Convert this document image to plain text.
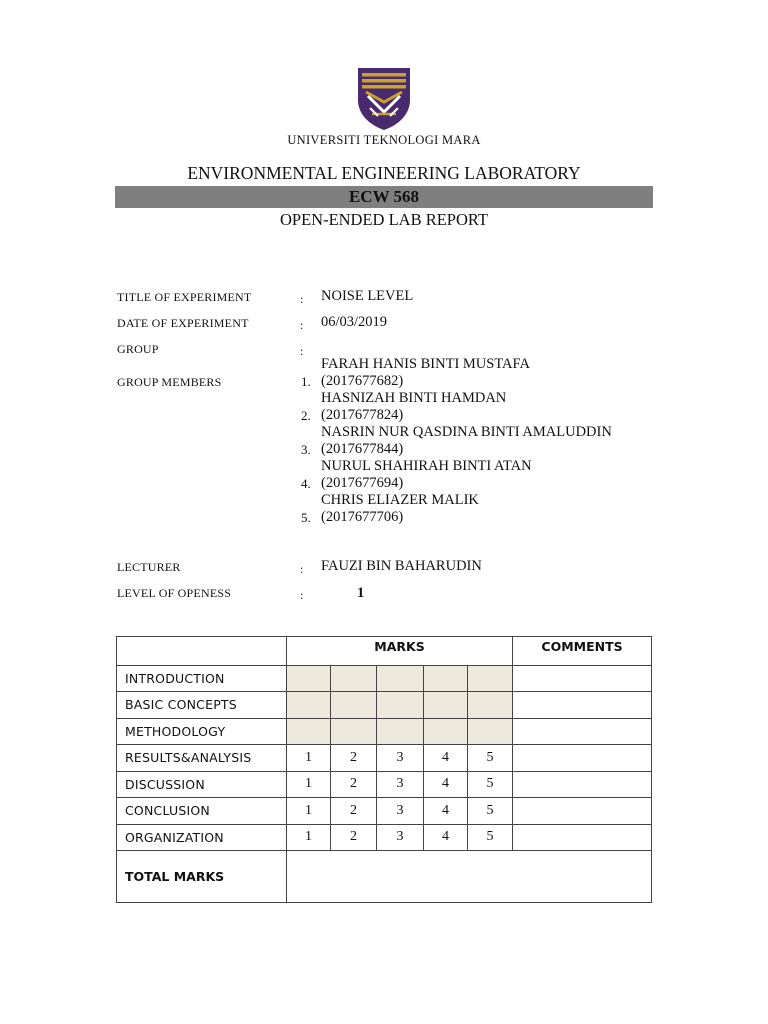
UNIVERSITI TEKNOLOGI MARA
ENVIRONMENTAL ENGINEERING LABORATORY
ECW 568
OPEN-ENDED LAB REPORT
TITLE OF EXPERIMENT	: NOISE LEVEL
DATE OF EXPERIMENT	: 06/03/2019
GROUP	:
GROUP MEMBERS
FARAH HANIS BINTI MUSTAFA
1. (2017677682)
HASNIZAH BINTI HAMDAN
2. (2017677824)
NASRIN NUR QASDINA BINTI AMALUDDIN
3. (2017677844)
NURUL SHAHIRAH BINTI ATAN
4. (2017677694)
CHRIS ELIAZER MALIK
5. (2017677706)
LECTURER	: FAUZI BIN BAHARUDIN
LEVEL OF OPENESS	:	1
	MARKS					COMMENTS
INTRODUCTION						
BASIC CONCEPTS						
METHODOLOGY						
RESULTS&ANALYSIS	1	2	3	4	5	
DISCUSSION	1	2	3	4	5	
CONCLUSION	1	2	3	4	5	
ORGANIZATION	1	2	3	4	5	
TOTAL MARKS						
